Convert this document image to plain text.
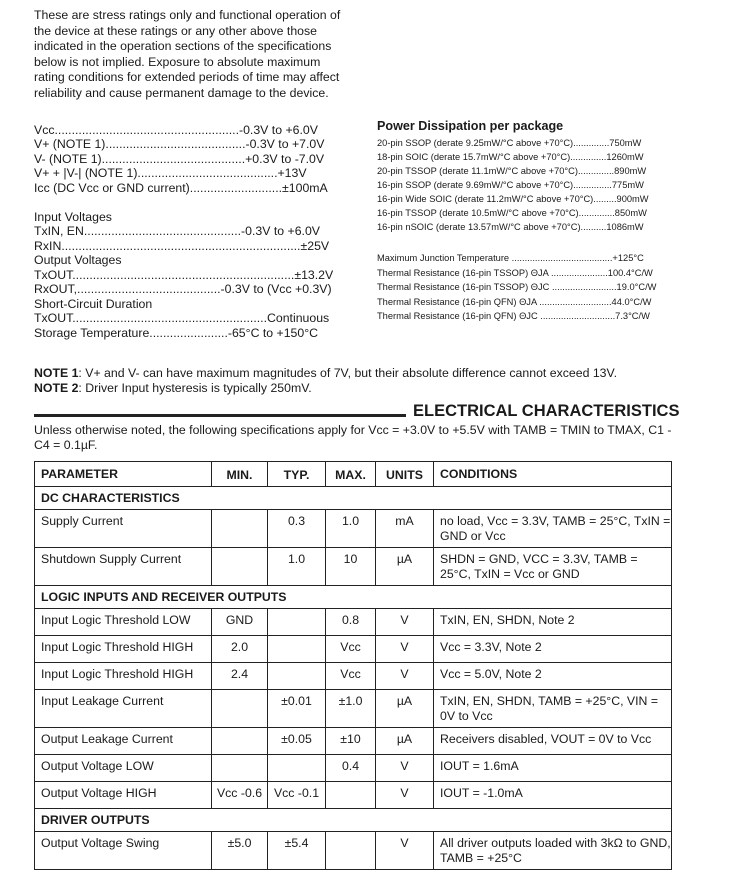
These are stress ratings only and functional operation of the device at these ratings or any other above those indicated in the operation sections of the specifications below is not implied. Exposure to absolute maximum rating conditions for extended periods of time may affect reliability and cause permanent damage to the device.
Vcc......................................................-0.3V to +6.0V
V+ (NOTE 1).........................................-0.3V to +7.0V
V- (NOTE 1)..........................................+0.3V to -7.0V
V+ + |V-| (NOTE 1).........................................+13V
Icc (DC Vcc or GND current)...........................±100mA
Input Voltages
TxIN, EN..............................................-0.3V to +6.0V
RxIN......................................................................±25V
Output Voltages
TxOUT.................................................................±13.2V
RxOUT,..........................................-0.3V to (Vcc +0.3V)
Short-Circuit Duration
TxOUT.........................................................Continuous
Storage Temperature.......................-65°C to +150°C
Power Dissipation per package
20-pin SSOP (derate 9.25mW/°C above +70°C)..............750mW
18-pin SOIC (derate 15.7mW/°C above +70°C)..............1260mW
20-pin TSSOP (derate 11.1mW/°C above +70°C)..............890mW
16-pin SSOP (derate 9.69mW/°C above +70°C)...............775mW
16-pin Wide SOIC (derate 11.2mW/°C above +70°C).........900mW
16-pin TSSOP (derate 10.5mW/°C above +70°C)..............850mW
16-pin nSOIC (derate 13.57mW/°C above +70°C)..........1086mW
Maximum Junction Temperature .......................................+125°C
Thermal Resistance (16-pin TSSOP) ΘJA ......................100.4°C/W
Thermal Resistance (16-pin TSSOP) ΘJC .........................19.0°C/W
Thermal Resistance (16-pin QFN) ΘJA ............................44.0°C/W
Thermal Resistance (16-pin QFN) ΘJC .............................7.3°C/W
NOTE 1: V+ and V- can have maximum magnitudes of 7V, but their absolute difference cannot exceed 13V.
NOTE 2: Driver Input hysteresis is typically 250mV.
ELECTRICAL CHARACTERISTICS
Unless otherwise noted, the following specifications apply for Vcc = +3.0V to +5.5V with TAMB = TMIN to TMAX, C1 - C4 = 0.1µF.
PARAMETER	MIN.	TYP.	MAX.	UNITS	CONDITIONS
DC CHARACTERISTICS					
Supply Current		0.3	1.0	mA	no load, Vcc = 3.3V, TAMB = 25°C, TxIN = GND or Vcc
Shutdown Supply Current		1.0	10	µA	SHDN = GND, VCC = 3.3V, TAMB = 25°C, TxIN = Vcc or GND
LOGIC INPUTS AND RECEIVER OUTPUTS					
Input Logic Threshold LOW	GND		0.8	V	TxIN, EN, SHDN, Note 2
Input Logic Threshold HIGH	2.0		Vcc	V	Vcc = 3.3V, Note 2
Input Logic Threshold HIGH	2.4		Vcc	V	Vcc = 5.0V, Note 2
Input Leakage Current		±0.01	±1.0	µA	TxIN, EN, SHDN, TAMB = +25°C, VIN = 0V to Vcc
Output Leakage Current		±0.05	±10	µA	Receivers disabled, VOUT = 0V to Vcc
Output Voltage LOW			0.4	V	IOUT = 1.6mA
Output Voltage HIGH	Vcc -0.6	Vcc -0.1		V	IOUT = -1.0mA
DRIVER OUTPUTS					
Output Voltage Swing	±5.0	±5.4		V	All driver outputs loaded with 3kΩ to GND, TAMB = +25°C
